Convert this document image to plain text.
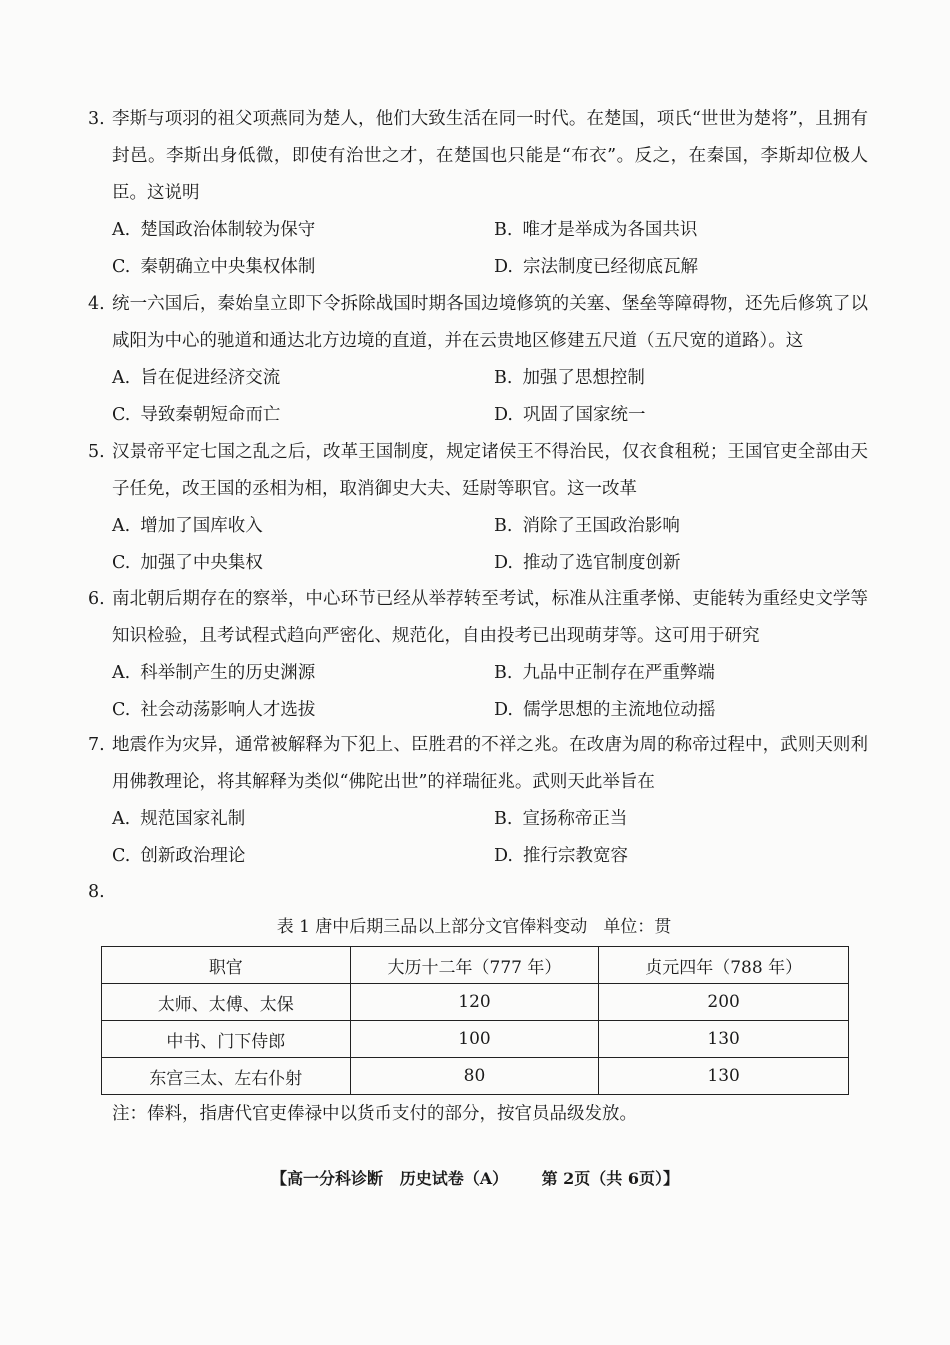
3. 李斯与项羽的祖父项燕同为楚人，他们大致生活在同一时代。在楚国，项氏“世世为楚将”，且拥有封邑。李斯出身低微，即使有治世之才，在楚国也只能是“布衣”。反之，在秦国，李斯却位极人臣。这说明
A. 楚国政治体制较为保守	B. 唯才是举成为各国共识
C. 秦朝确立中央集权体制	D. 宗法制度已经彻底瓦解
4. 统一六国后，秦始皇立即下令拆除战国时期各国边境修筑的关塞、堡垒等障碍物，还先后修筑了以咸阳为中心的驰道和通达北方边境的直道，并在云贵地区修建五尺道（五尺宽的道路）。这
A. 旨在促进经济交流	B. 加强了思想控制
C. 导致秦朝短命而亡	D. 巩固了国家统一
5. 汉景帝平定七国之乱之后，改革王国制度，规定诸侯王不得治民，仅衣食租税；王国官吏全部由天子任免，改王国的丞相为相，取消御史大夫、廷尉等职官。这一改革
A. 增加了国库收入	B. 消除了王国政治影响
C. 加强了中央集权	D. 推动了选官制度创新
6. 南北朝后期存在的察举，中心环节已经从举荐转至考试，标准从注重孝悌、吏能转为重经史文学等知识检验，且考试程式趋向严密化、规范化，自由投考已出现萌芽等。这可用于研究
A. 科举制产生的历史渊源	B. 九品中正制存在严重弊端
C. 社会动荡影响人才选拔	D. 儒学思想的主流地位动摇
7. 地震作为灾异，通常被解释为下犯上、臣胜君的不祥之兆。在改唐为周的称帝过程中，武则天则利用佛教理论，将其解释为类似“佛陀出世”的祥瑞征兆。武则天此举旨在
A. 规范国家礼制	B. 宣扬称帝正当
C. 创新政治理论	D. 推行宗教宽容
8.
表 1 唐中后期三品以上部分文官俸料变动 单位：贯
职官	大历十二年（777 年）	贞元四年（788 年）
太师、太傅、太保	120	200
中书、门下侍郎	100	130
东宫三太、左右仆射	80	130
注：俸料，指唐代官吏俸禄中以货币支付的部分，按官员品级发放。
【高一分科诊断   历史试卷（A） 第 2页（共 6页）】
